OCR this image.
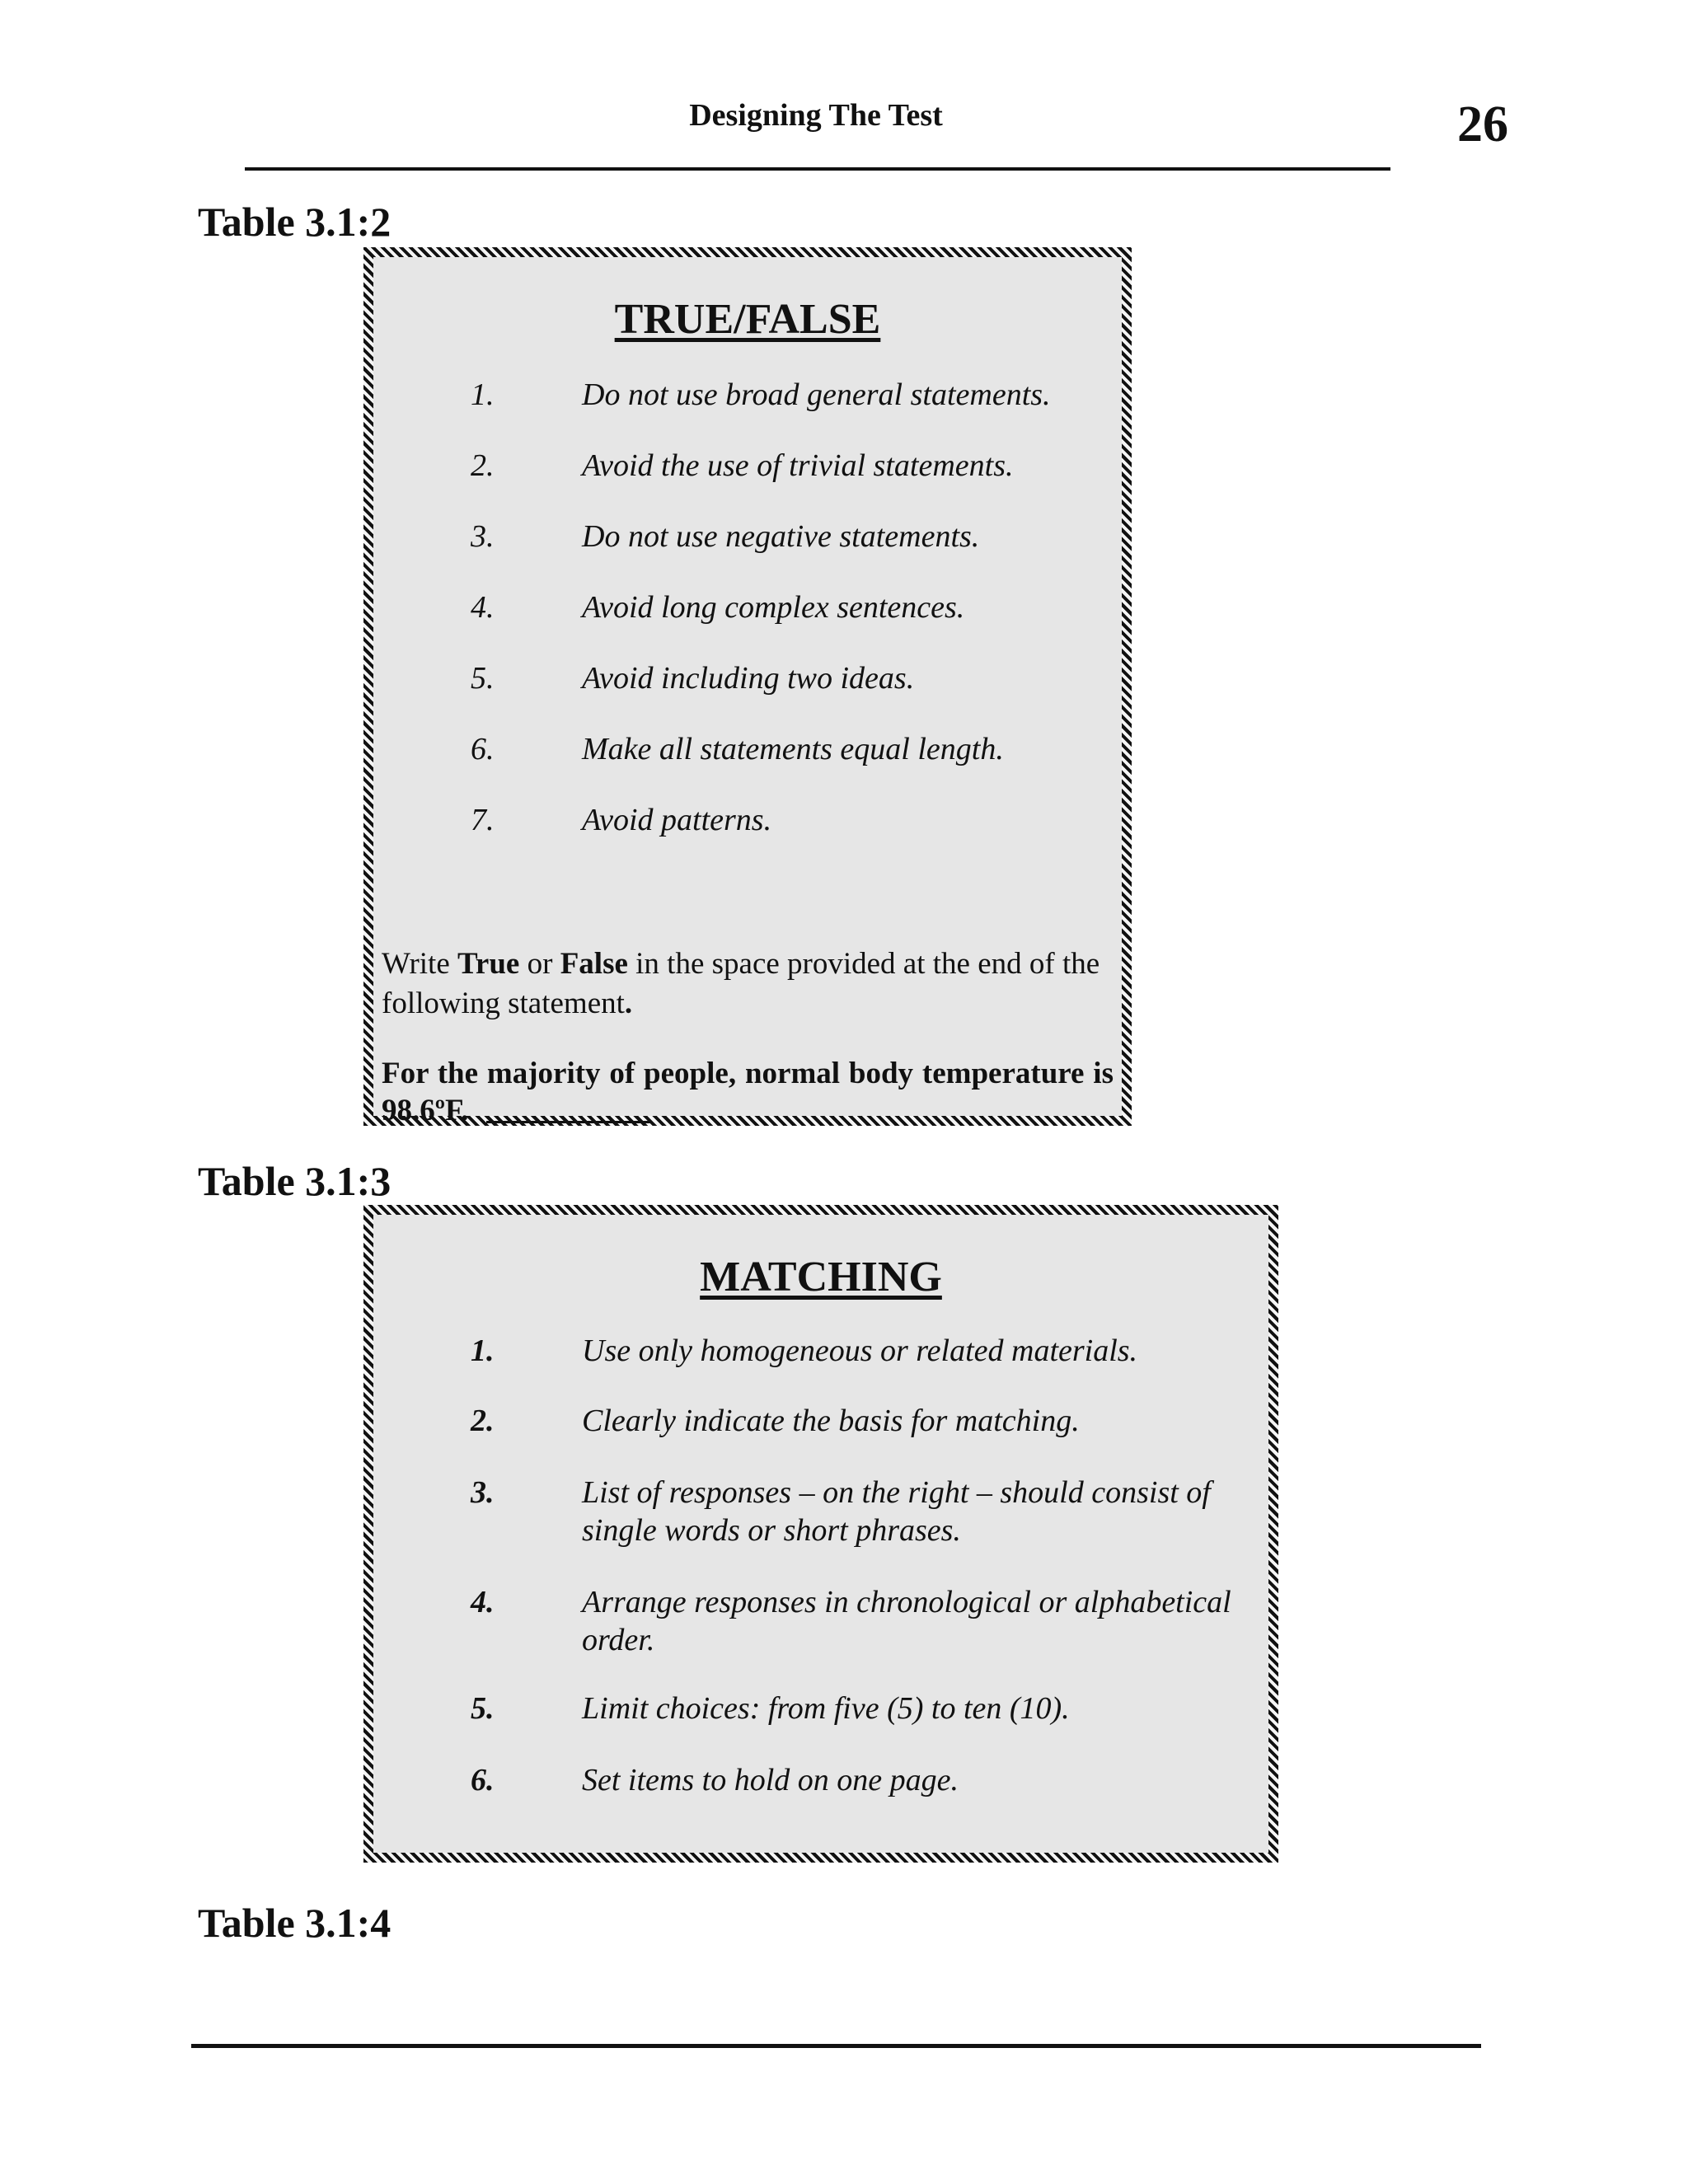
Designing The Test	26
Table 3.1:2
TRUE/FALSE
1.	Do not use broad general statements.
2.	Avoid the use of trivial statements.
3.	Do not use negative statements.
4.	Avoid long complex sentences.
5.	Avoid including two ideas.
6.	Make all statements equal length.
7.	Avoid patterns.
Write True or False in the space provided at the end of the following statement.
For the majority of people, normal body temperature is 98.6ºF.
Table 3.1:3
MATCHING
1.	Use only homogeneous or related materials.
2.	Clearly indicate the basis for matching.
3.	List of responses – on the right – should consist of single words or short phrases.
4.	Arrange responses in chronological or alphabetical order.
5.	Limit choices: from five (5) to ten (10).
6.	Set items to hold on one page.
Table 3.1:4
